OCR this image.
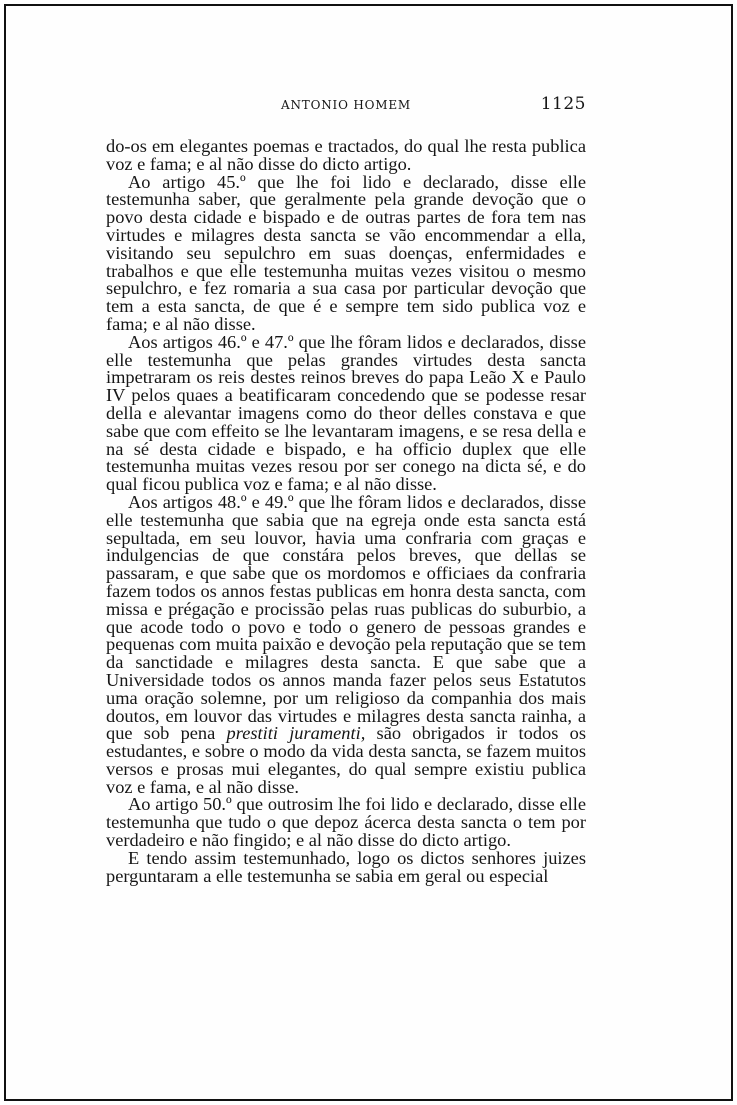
ANTONIO HOMEM	1125

do-os em elegantes poemas e tractados, do qual lhe resta publica voz e fama; e al não disse do dicto artigo.

Ao artigo 45.º que lhe foi lido e declarado, disse elle testemunha saber, que geralmente pela grande devoção que o povo desta cidade e bispado e de outras partes de fora tem nas virtudes e milagres desta sancta se vão encommendar a ella, visitando seu sepulchro em suas doenças, enfermidades e trabalhos e que elle testemunha muitas vezes visitou o mesmo sepulchro, e fez romaria a sua casa por particular devoção que tem a esta sancta, de que é e sempre tem sido publica voz e fama; e al não disse.

Aos artigos 46.º e 47.º que lhe fôram lidos e declarados, disse elle testemunha que pelas grandes virtudes desta sancta impetraram os reis destes reinos breves do papa Leão X e Paulo IV pelos quaes a beatificaram concedendo que se podesse resar della e alevantar imagens como do theor delles constava e que sabe que com effeito se lhe levantaram imagens, e se resa della e na sé desta cidade e bispado, e ha officio duplex que elle testemunha muitas vezes resou por ser conego na dicta sé, e do qual ficou publica voz e fama; e al não disse.

Aos artigos 48.º e 49.º que lhe fôram lidos e declarados, disse elle testemunha que sabia que na egreja onde esta sancta está sepultada, em seu louvor, havia uma confraria com graças e indulgencias de que constára pelos breves, que dellas se passaram, e que sabe que os mordomos e officiaes da confraria fazem todos os annos festas publicas em honra desta sancta, com missa e prégação e procissão pelas ruas publicas do suburbio, a que acode todo o povo e todo o genero de pessoas grandes e pequenas com muita paixão e devoção pela reputação que se tem da sanctidade e milagres desta sancta. E que sabe que a Universidade todos os annos manda fazer pelos seus Estatutos uma oração solemne, por um religioso da companhia dos mais doutos, em louvor das virtudes e milagres desta sancta rainha, a que sob pena prestiti juramenti, são obrigados ir todos os estudantes, e sobre o modo da vida desta sancta, se fazem muitos versos e prosas mui elegantes, do qual sempre existiu publica voz e fama, e al não disse.

Ao artigo 50.º que outrosim lhe foi lido e declarado, disse elle testemunha que tudo o que depoz ácerca desta sancta o tem por verdadeiro e não fingido; e al não disse do dicto artigo.

E tendo assim testemunhado, logo os dictos senhores juizes perguntaram a elle testemunha se sabia em geral ou especial
